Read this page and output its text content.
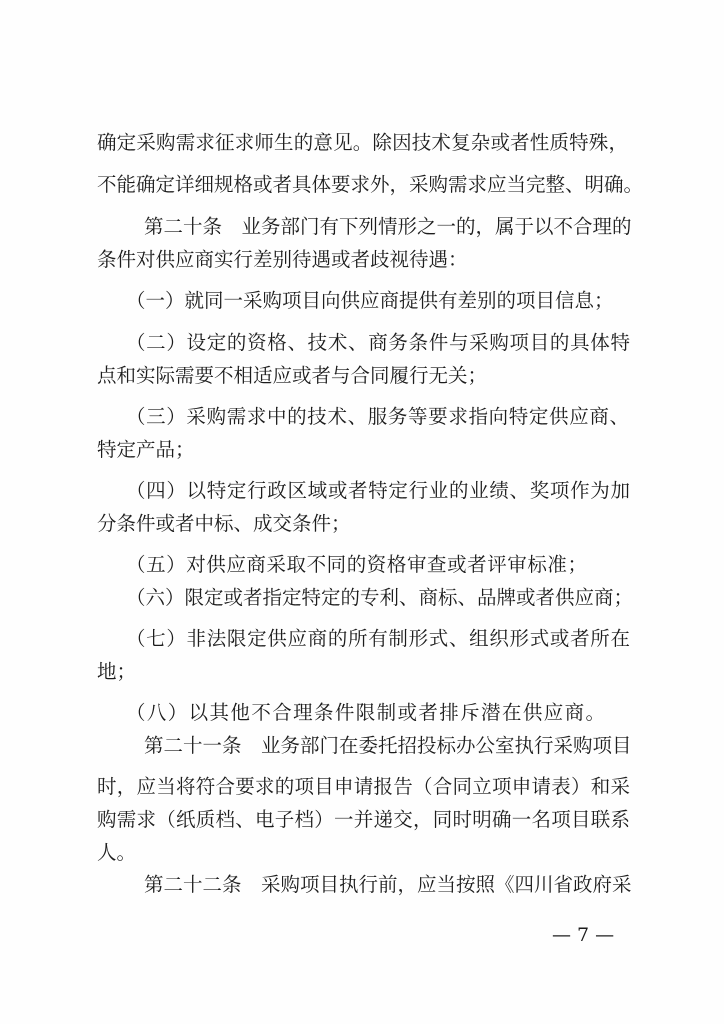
确定采购需求征求师生的意见。除因技术复杂或者性质特殊，
不能确定详细规格或者具体要求外，采购需求应当完整、明确。
第二十条　业务部门有下列情形之一的，属于以不合理的
条件对供应商实行差别待遇或者歧视待遇：
（一）就同一采购项目向供应商提供有差别的项目信息；
（二）设定的资格、技术、商务条件与采购项目的具体特
点和实际需要不相适应或者与合同履行无关；
（三）采购需求中的技术、服务等要求指向特定供应商、
特定产品；
（四）以特定行政区域或者特定行业的业绩、奖项作为加
分条件或者中标、成交条件；
（五）对供应商采取不同的资格审查或者评审标准；
（六）限定或者指定特定的专利、商标、品牌或者供应商；
（七）非法限定供应商的所有制形式、组织形式或者所在
地；
（八）以其他不合理条件限制或者排斥潜在供应商。
第二十一条　业务部门在委托招投标办公室执行采购项目
时，应当将符合要求的项目申请报告（合同立项申请表）和采
购需求（纸质档、电子档）一并递交，同时明确一名项目联系
人。
第二十二条　采购项目执行前，应当按照《四川省政府采
— 7 —
